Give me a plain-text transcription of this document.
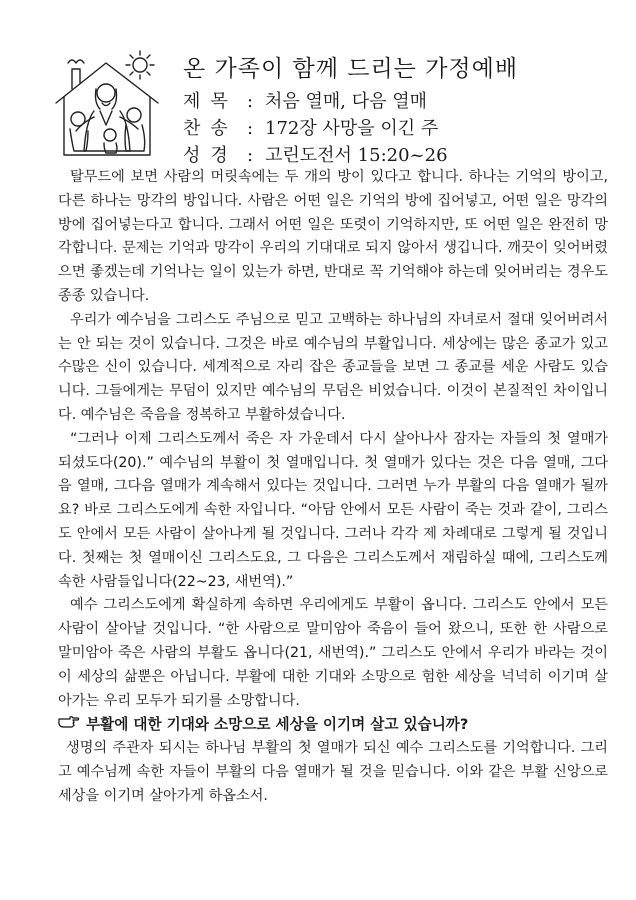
온 가족이 함께 드리는 가정예배
제목 : 처음 열매, 다음 열매
찬송 : 172장 사망을 이긴 주
성경 : 고린도전서 15:20~26

탈무드에 보면 사람의 머릿속에는 두 개의 방이 있다고 합니다. 하나는 기억의 방이고, 다른 하나는 망각의 방입니다. 사람은 어떤 일은 기억의 방에 집어넣고, 어떤 일은 망각의 방에 집어넣는다고 합니다. 그래서 어떤 일은 또렷이 기억하지만, 또 어떤 일은 완전히 망각합니다. 문제는 기억과 망각이 우리의 기대대로 되지 않아서 생깁니다. 깨끗이 잊어버렸으면 좋겠는데 기억나는 일이 있는가 하면, 반대로 꼭 기억해야 하는데 잊어버리는 경우도 종종 있습니다.

우리가 예수님을 그리스도 주님으로 믿고 고백하는 하나님의 자녀로서 절대 잊어버려서는 안 되는 것이 있습니다. 그것은 바로 예수님의 부활입니다. 세상에는 많은 종교가 있고 수많은 신이 있습니다. 세계적으로 자리 잡은 종교들을 보면 그 종교를 세운 사람도 있습니다. 그들에게는 무덤이 있지만 예수님의 무덤은 비었습니다. 이것이 본질적인 차이입니다. 예수님은 죽음을 정복하고 부활하셨습니다.

“그러나 이제 그리스도께서 죽은 자 가운데서 다시 살아나사 잠자는 자들의 첫 열매가 되셨도다(20).” 예수님의 부활이 첫 열매입니다. 첫 열매가 있다는 것은 다음 열매, 그다음 열매, 그다음 열매가 계속해서 있다는 것입니다. 그러면 누가 부활의 다음 열매가 될까요? 바로 그리스도에게 속한 자입니다. “아담 안에서 모든 사람이 죽는 것과 같이, 그리스도 안에서 모든 사람이 살아나게 될 것입니다. 그러나 각각 제 차례대로 그렇게 될 것입니다. 첫째는 첫 열매이신 그리스도요, 그 다음은 그리스도께서 재림하실 때에, 그리스도께 속한 사람들입니다(22~23, 새번역).”

예수 그리스도에게 확실하게 속하면 우리에게도 부활이 옵니다. 그리스도 안에서 모든 사람이 살아날 것입니다. “한 사람으로 말미암아 죽음이 들어 왔으니, 또한 한 사람으로 말미암아 죽은 사람의 부활도 옵니다(21, 새번역).” 그리스도 안에서 우리가 바라는 것이 이 세상의 삶뿐은 아닙니다. 부활에 대한 기대와 소망으로 험한 세상을 넉넉히 이기며 살아가는 우리 모두가 되기를 소망합니다.

부활에 대한 기대와 소망으로 세상을 이기며 살고 있습니까?

생명의 주관자 되시는 하나님 부활의 첫 열매가 되신 예수 그리스도를 기억합니다. 그리고 예수님께 속한 자들이 부활의 다음 열매가 될 것을 믿습니다. 이와 같은 부활 신앙으로 세상을 이기며 살아가게 하옵소서.
